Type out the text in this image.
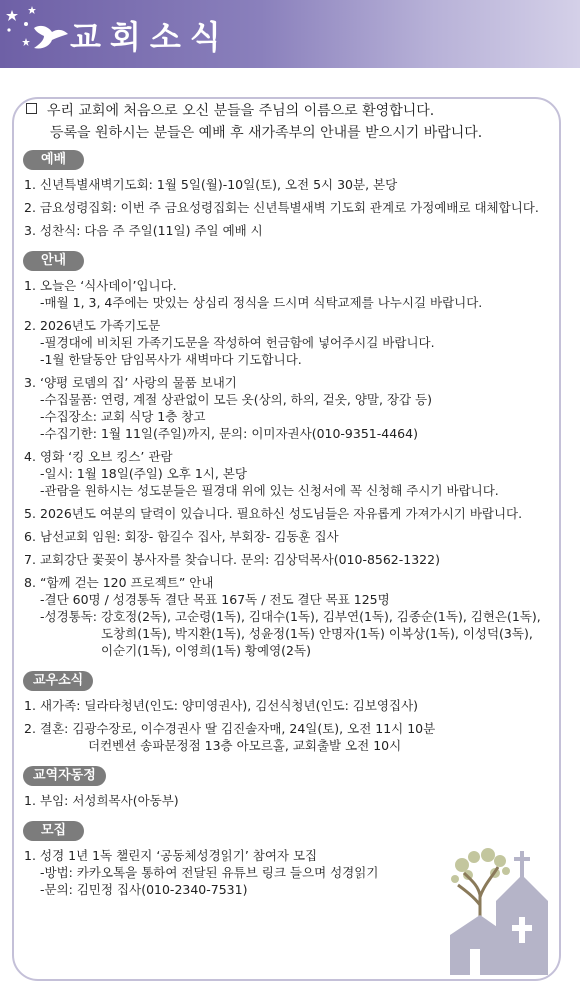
교회소식
우리 교회에 처음으로 오신 분들을 주님의 이름으로 환영합니다.
등록을 원하시는 분들은 예배 후 새가족부의 안내를 받으시기 바랍니다.
예배
1. 신년특별새벽기도회: 1월 5일(월)-10일(토), 오전 5시 30분, 본당
2. 금요성령집회: 이번 주 금요성령집회는 신년특별새벽 기도회 관계로 가정예배로 대체합니다.
3. 성찬식: 다음 주 주일(11일) 주일 예배 시
안내
1. 오늘은 ‘식사데이’입니다.
-매월 1, 3, 4주에는 맛있는 상심리 정식을 드시며 식탁교제를 나누시길 바랍니다.
2. 2026년도 가족기도문
-필경대에 비치된 가족기도문을 작성하여 헌금함에 넣어주시길 바랍니다.
-1월 한달동안 담임목사가 새벽마다 기도합니다.
3. ‘양평 로뎀의 집’ 사랑의 물품 보내기
-수집물품: 연령, 계절 상관없이 모든 옷(상의, 하의, 겉옷, 양말, 장갑 등)
-수집장소: 교회 식당 1층 창고
-수집기한: 1월 11일(주일)까지, 문의: 이미자권사(010-9351-4464)
4. 영화 ‘킹 오브 킹스’ 관람
-일시: 1월 18일(주일) 오후 1시, 본당
-관람을 원하시는 성도분들은 필경대 위에 있는 신청서에 꼭 신청해 주시기 바랍니다.
5. 2026년도 여분의 달력이 있습니다. 필요하신 성도님들은 자유롭게 가져가시기 바랍니다.
6. 남선교회 임원: 회장- 함길수 집사, 부회장- 김동훈 집사
7. 교회강단 꽃꽂이 봉사자를 찾습니다. 문의: 김상덕목사(010-8562-1322)
8. “함께 걷는 120 프로젝트” 안내
-결단 60명 / 성경통독 결단 목표 167독 / 전도 결단 목표 125명
-성경통독: 강호정(2독), 고순령(1독), 김대수(1독), 김부연(1독), 김종순(1독), 김현은(1독),
도창희(1독), 박지환(1독), 성윤정(1독) 안명자(1독) 이복상(1독), 이성덕(3독),
이순기(1독), 이영희(1독) 황예영(2독)
교우소식
1. 새가족: 딜라타청년(인도: 양미영권사), 김선식청년(인도: 김보영집사)
2. 결혼: 김광수장로, 이수경권사 딸 김진솔자매, 24일(토), 오전 11시 10분
더컨벤션 송파문정점 13층 아모르홀, 교회출발 오전 10시
교역자동정
1. 부임: 서성희목사(아동부)
모집
1. 성경 1년 1독 챌린지 ‘공동체성경읽기’ 참여자 모집
-방법: 카카오톡을 통하여 전달된 유튜브 링크 들으며 성경읽기
-문의: 김민정 집사(010-2340-7531)
